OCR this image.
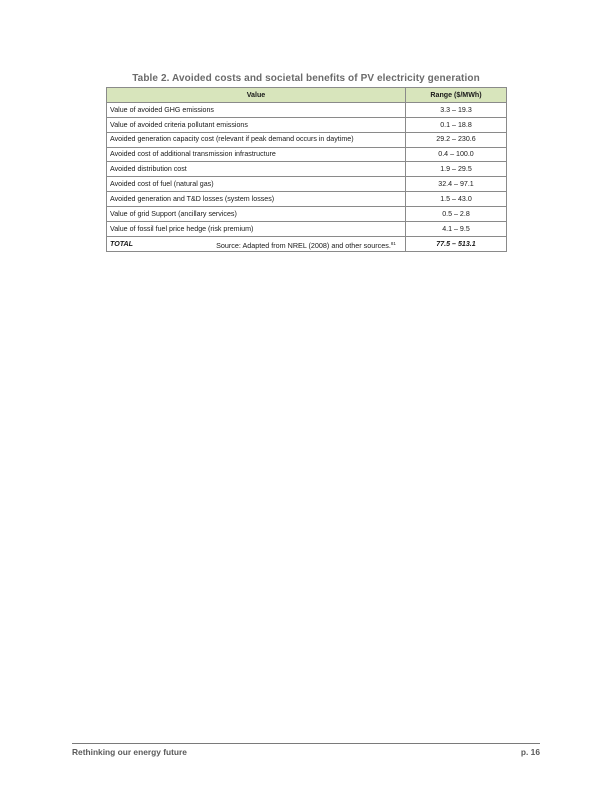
Table 2. Avoided costs and societal benefits of PV electricity generation
Value	Range ($/MWh)
Value of avoided GHG emissions	3.3 – 19.3
Value of avoided criteria pollutant emissions	0.1 – 18.8
Avoided generation capacity cost (relevant if peak demand occurs in daytime)	29.2 – 230.6
Avoided cost of additional transmission infrastructure	0.4 – 100.0
Avoided distribution cost	1.9 – 29.5
Avoided cost of fuel (natural gas)	32.4 – 97.1
Avoided generation and T&D losses (system losses)	1.5 – 43.0
Value of grid Support (ancillary services)	0.5 – 2.8
Value of fossil fuel price hedge (risk premium)	4.1 – 9.5
TOTAL	77.5 – 513.1
Source: Adapted from NREL (2008) and other sources.$^{81}$
Rethinking our energy future	p. 16
